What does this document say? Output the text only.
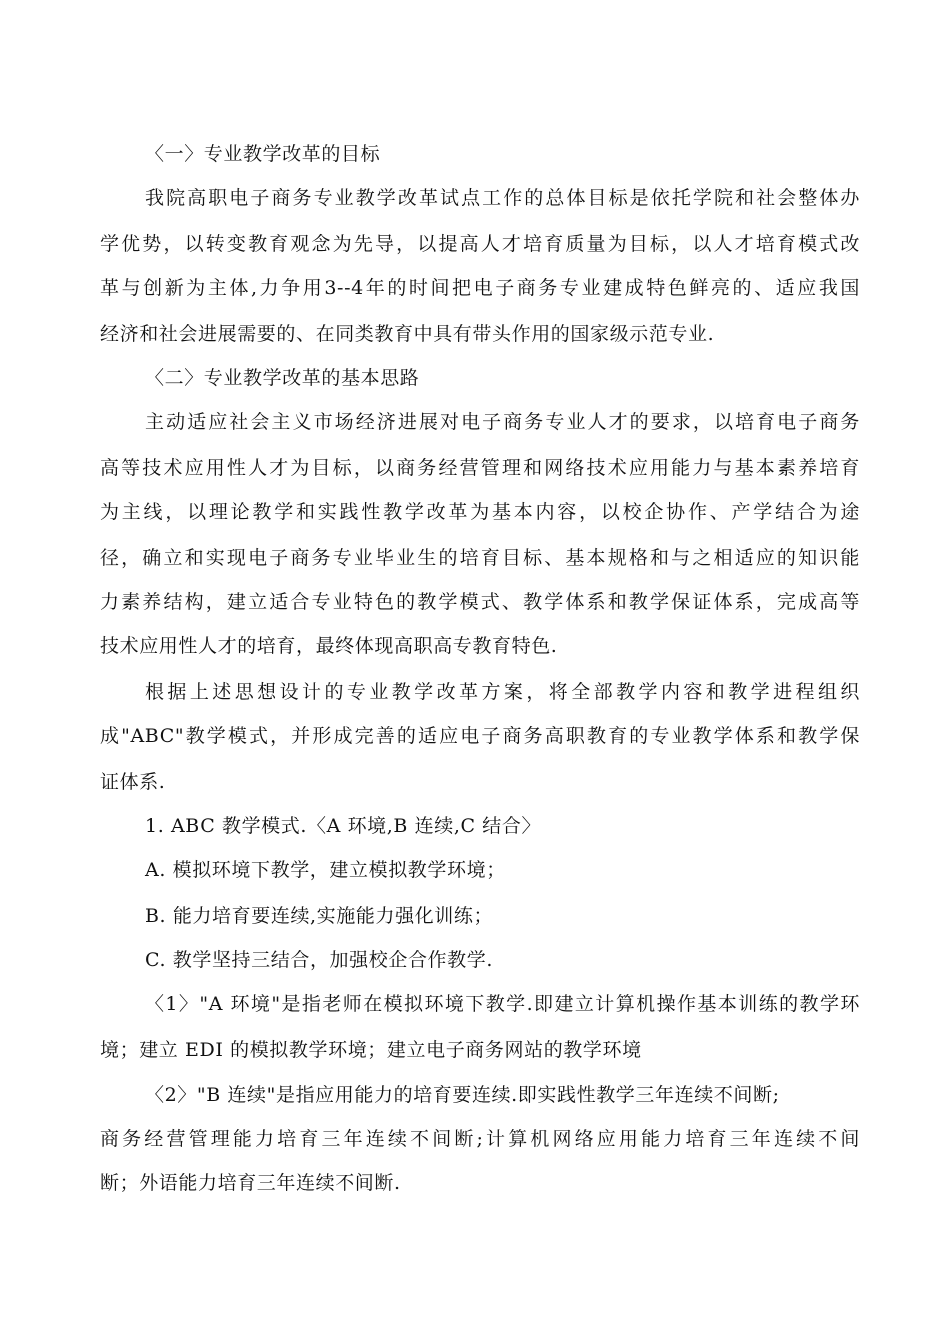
〈一〉专业教学改革的目标
我院高职电子商务专业教学改革试点工作的总体目标是依托学院和社会整体办
学优势，以转变教育观念为先导，以提高人才培育质量为目标，以人才培育模式改
革与创新为主体,力争用3--4年的时间把电子商务专业建成特色鲜亮的、适应我国
经济和社会进展需要的、在同类教育中具有带头作用的国家级示范专业.
〈二〉专业教学改革的基本思路
主动适应社会主义市场经济进展对电子商务专业人才的要求，以培育电子商务
高等技术应用性人才为目标，以商务经营管理和网络技术应用能力与基本素养培育
为主线，以理论教学和实践性教学改革为基本内容，以校企协作、产学结合为途
径，确立和实现电子商务专业毕业生的培育目标、基本规格和与之相适应的知识能
力素养结构，建立适合专业特色的教学模式、教学体系和教学保证体系，完成高等
技术应用性人才的培育，最终体现高职高专教育特色.
根据上述思想设计的专业教学改革方案，将全部教学内容和教学进程组织
成"ABC"教学模式，并形成完善的适应电子商务高职教育的专业教学体系和教学保
证体系.
1. ABC 教学模式.〈A 环境,B 连续,C 结合〉
A. 模拟环境下教学，建立模拟教学环境；
B. 能力培育要连续,实施能力强化训练；
C. 教学坚持三结合，加强校企合作教学.
〈1〉"A 环境"是指老师在模拟环境下教学.即建立计算机操作基本训练的教学环
境；建立 EDI 的模拟教学环境；建立电子商务网站的教学环境
〈2〉"B 连续"是指应用能力的培育要连续.即实践性教学三年连续不间断;
商务经营管理能力培育三年连续不间断;计算机网络应用能力培育三年连续不间
断；外语能力培育三年连续不间断.
